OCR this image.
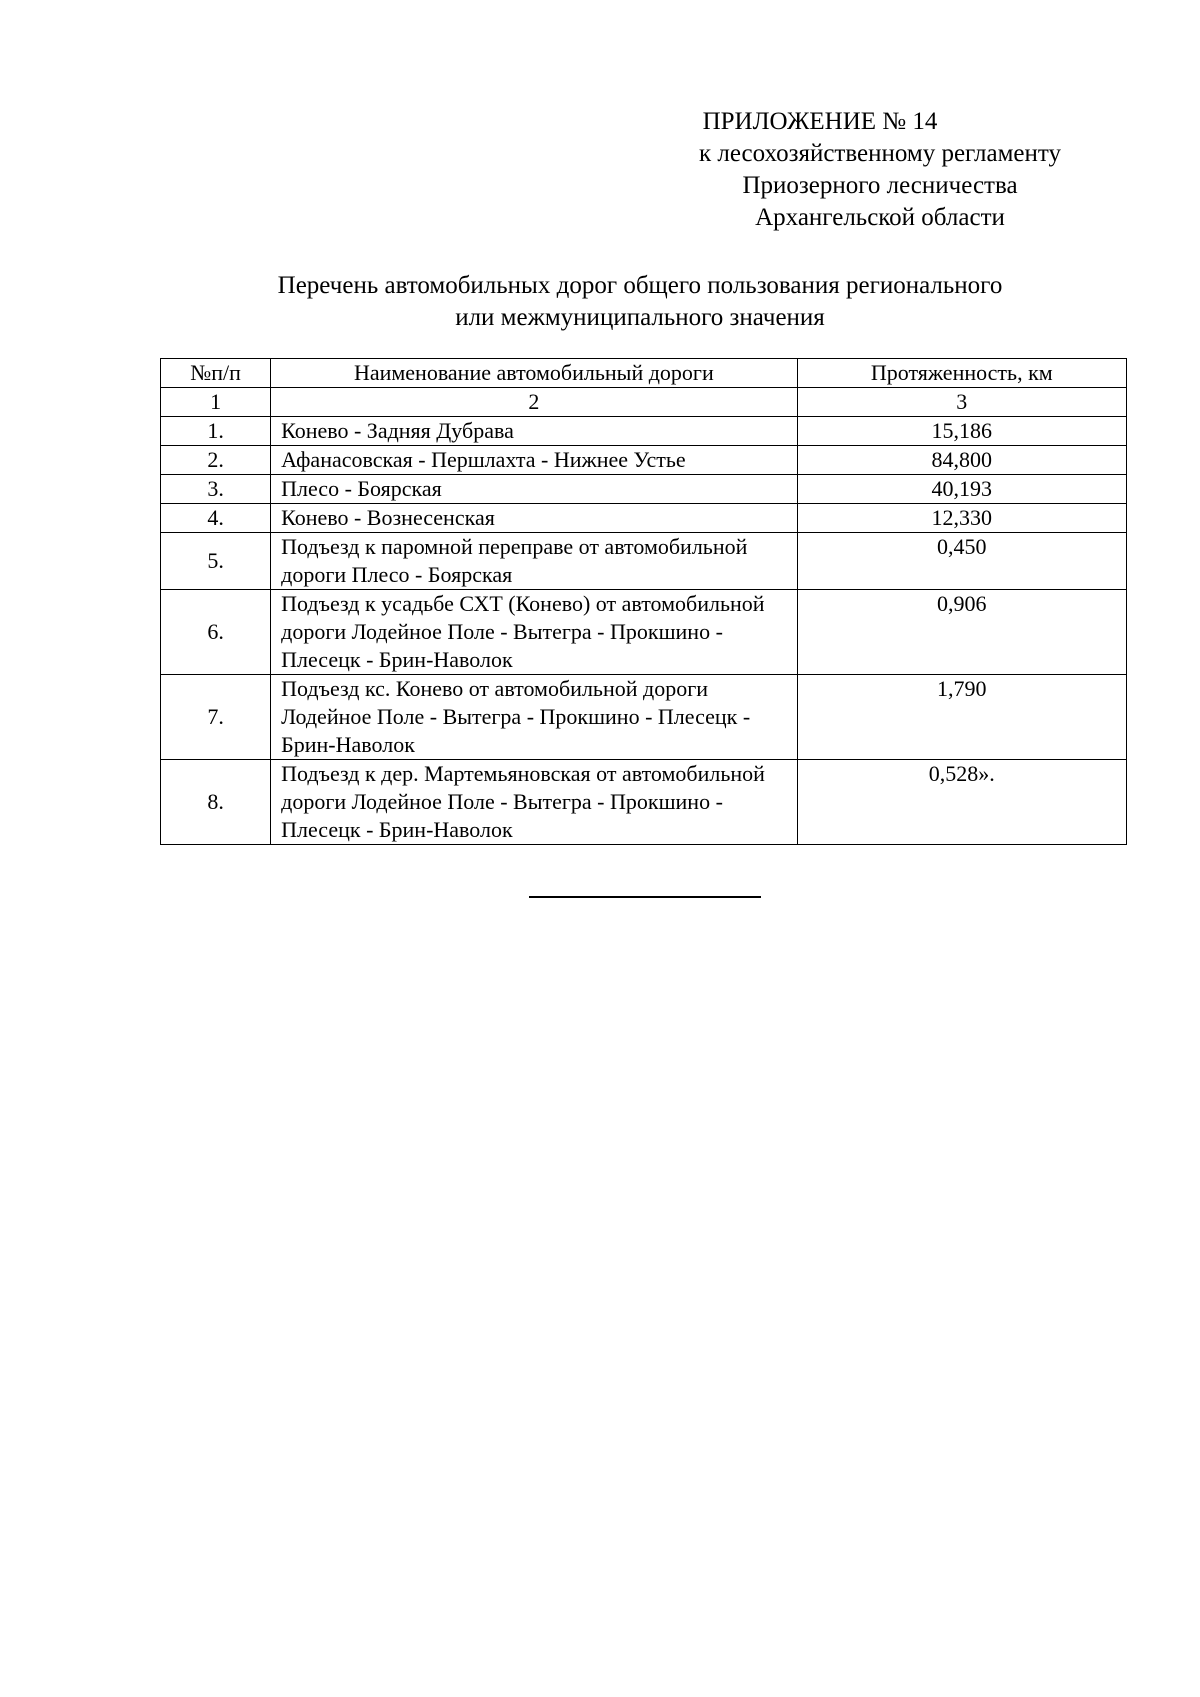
ПРИЛОЖЕНИЕ № 14
к лесохозяйственному регламенту
Приозерного лесничества
Архангельской области
Перечень автомобильных дорог общего пользования регионального
или межмуниципального значения
№п/п	Наименование автомобильный дороги	Протяженность, км
1	2	3
1.	Конево - Задняя Дубрава	15,186
2.	Афанасовская - Першлахта - Нижнее Устье	84,800
3.	Плесо - Боярская	40,193
4.	Конево - Вознесенская	12,330
5.	Подъезд к паромной переправе от автомобильной дороги Плесо - Боярская	0,450
6.	Подъезд к усадьбе СХТ (Конево) от автомобильной дороги Лодейное Поле - Вытегра - Прокшино - Плесецк - Брин-Наволок	0,906
7.	Подъезд кс. Конево от автомобильной дороги Лодейное Поле - Вытегра - Прокшино - Плесецк - Брин-Наволок	1,790
8.	Подъезд к дер. Мартемьяновская от автомобильной дороги Лодейное Поле - Вытегра - Прокшино - Плесецк - Брин-Наволок	0,528».
